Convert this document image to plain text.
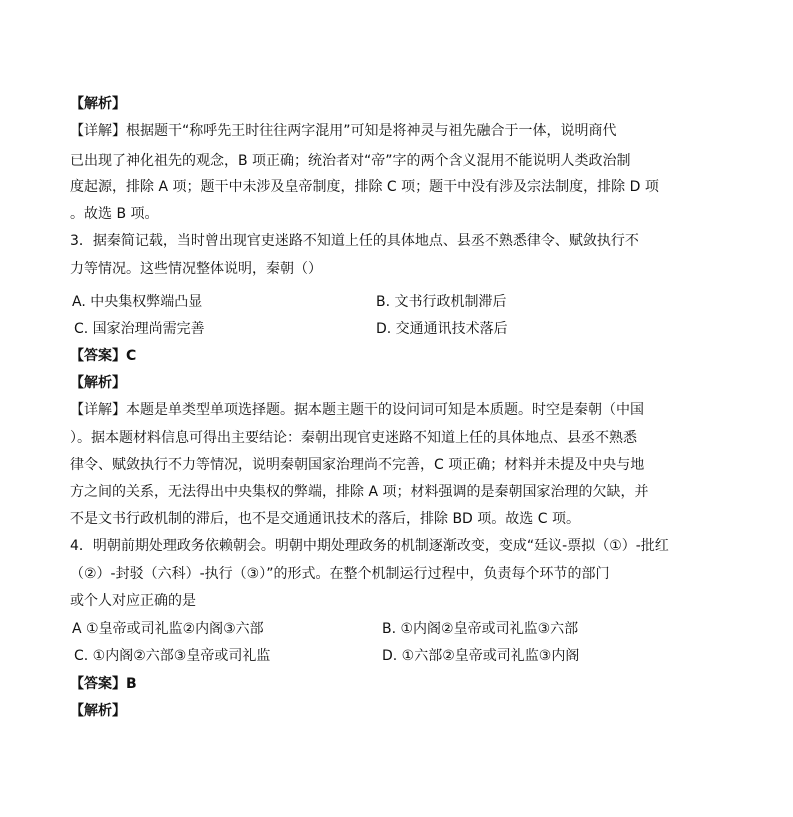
【解析】
【详解】根据题干“称呼先王时往往两字混用”可知是将神灵与祖先融合于一体，说明商代
已出现了神化祖先的观念，B 项正确；统治者对“帝”字的两个含义混用不能说明人类政治制
度起源，排除 A 项；题干中未涉及皇帝制度，排除 C 项；题干中没有涉及宗法制度，排除 D 项
。故选 B 项。
3．据秦简记载，当时曾出现官吏迷路不知道上任的具体地点、县丞不熟悉律令、赋敛执行不
力等情况。这些情况整体说明，秦朝（）
A. 中央集权弊端凸显	B. 文书行政机制滞后
C. 国家治理尚需完善	D. 交通通讯技术落后
【答案】C
【解析】
【详解】本题是单类型单项选择题。据本题主题干的设问词可知是本质题。时空是秦朝（中国
）。据本题材料信息可得出主要结论：秦朝出现官吏迷路不知道上任的具体地点、县丞不熟悉
律令、赋敛执行不力等情况，说明秦朝国家治理尚不完善，C 项正确；材料并未提及中央与地
方之间的关系，无法得出中央集权的弊端，排除 A 项；材料强调的是秦朝国家治理的欠缺，并
不是文书行政机制的滞后，也不是交通通讯技术的落后，排除 BD 项。故选 C 项。
4．明朝前期处理政务依赖朝会。明朝中期处理政务的机制逐渐改变，变成“廷议-票拟（①）-批红
（②）-封驳（六科）-执行（③）”的形式。在整个机制运行过程中，负责每个环节的部门
或个人对应正确的是
A ①皇帝或司礼监②内阁③六部	B. ①内阁②皇帝或司礼监③六部
C. ①内阁②六部③皇帝或司礼监	D. ①六部②皇帝或司礼监③内阁
【答案】B
【解析】
